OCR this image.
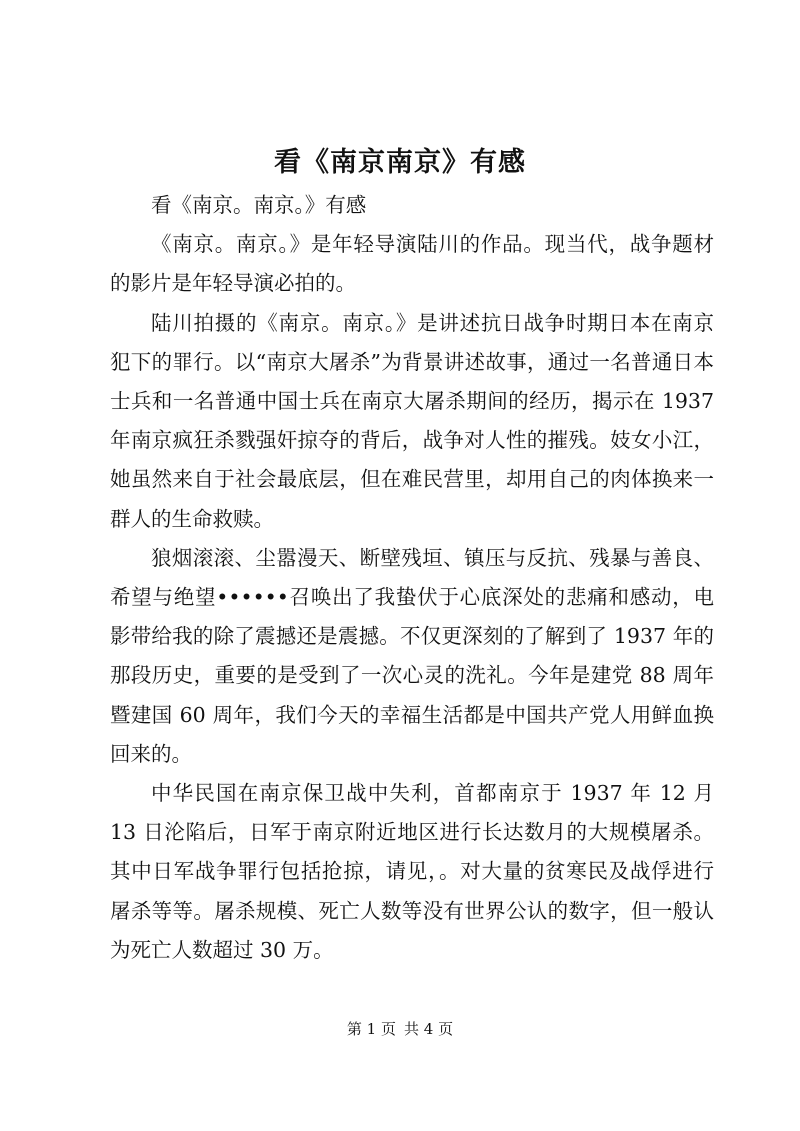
看《南京南京》有感

看《南京。南京。》有感

《南京。南京。》是年轻导演陆川的作品。现当代，战争题材的影片是年轻导演必拍的。

陆川拍摄的《南京。南京。》是讲述抗日战争时期日本在南京犯下的罪行。以“南京大屠杀”为背景讲述故事，通过一名普通日本士兵和一名普通中国士兵在南京大屠杀期间的经历，揭示在 1937 年南京疯狂杀戮强奸掠夺的背后，战争对人性的摧残。妓女小江，她虽然来自于社会最底层，但在难民营里，却用自己的肉体换来一群人的生命救赎。

狼烟滚滚、尘嚣漫天、断壁残垣、镇压与反抗、残暴与善良、希望与绝望••••••召唤出了我蛰伏于心底深处的悲痛和感动，电影带给我的除了震撼还是震撼。不仅更深刻的了解到了 1937 年的那段历史，重要的是受到了一次心灵的洗礼。今年是建党 88 周年暨建国 60 周年，我们今天的幸福生活都是中国共产党人用鲜血换回来的。

中华民国在南京保卫战中失利，首都南京于 1937 年 12 月 13 日沦陷后，日军于南京附近地区进行长达数月的大规模屠杀。其中日军战争罪行包括抢掠，请见，。对大量的贫寒民及战俘进行屠杀等等。屠杀规模、死亡人数等没有世界公认的数字，但一般认为死亡人数超过 30 万。

第 1 页 共 4 页
